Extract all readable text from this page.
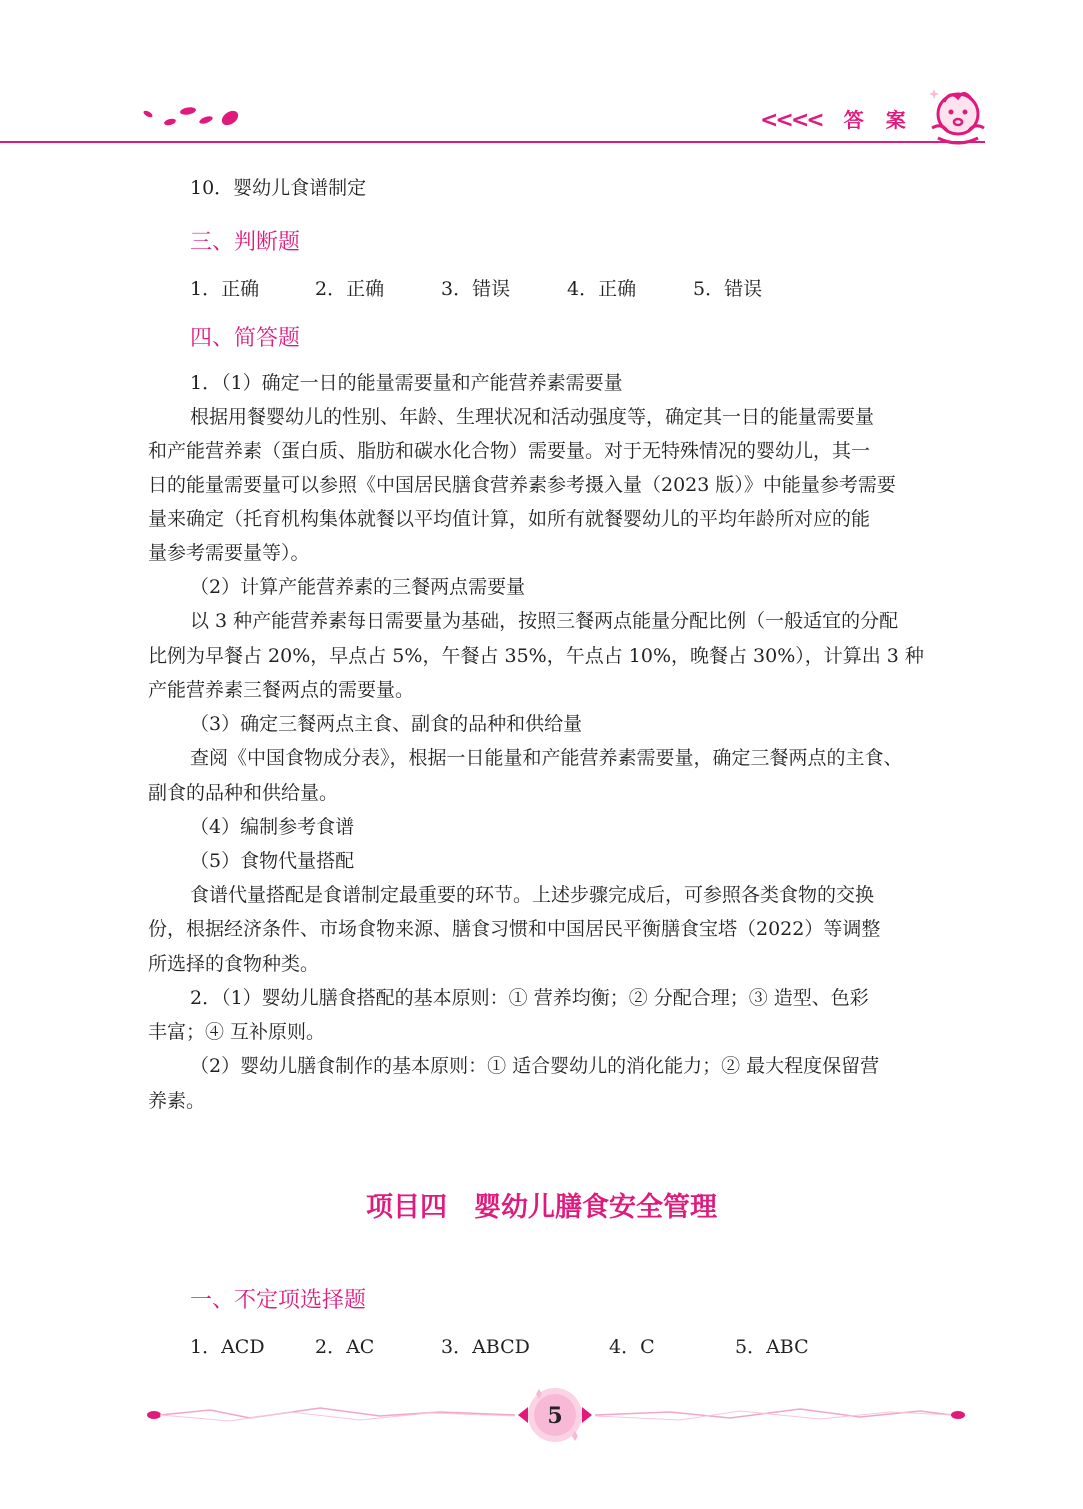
<<<< 答案
10．婴幼儿食谱制定
三、判断题
1．正确	2．正确	3．错误	4．正确	5．错误
四、简答题
1．（1）确定一日的能量需要量和产能营养素需要量
根据用餐婴幼儿的性别、年龄、生理状况和活动强度等，确定其一日的能量需要量
和产能营养素（蛋白质、脂肪和碳水化合物）需要量。对于无特殊情况的婴幼儿，其一
日的能量需要量可以参照《中国居民膳食营养素参考摄入量（2023 版）》中能量参考需要
量来确定（托育机构集体就餐以平均值计算，如所有就餐婴幼儿的平均年龄所对应的能
量参考需要量等）。
（2）计算产能营养素的三餐两点需要量
以 3 种产能营养素每日需要量为基础，按照三餐两点能量分配比例（一般适宜的分配
比例为早餐占 20%，早点占 5%，午餐占 35%，午点占 10%，晚餐占 30%），计算出 3 种
产能营养素三餐两点的需要量。
（3）确定三餐两点主食、副食的品种和供给量
查阅《中国食物成分表》，根据一日能量和产能营养素需要量，确定三餐两点的主食、
副食的品种和供给量。
（4）编制参考食谱
（5）食物代量搭配
食谱代量搭配是食谱制定最重要的环节。上述步骤完成后，可参照各类食物的交换
份，根据经济条件、市场食物来源、膳食习惯和中国居民平衡膳食宝塔（2022）等调整
所选择的食物种类。
2．（1）婴幼儿膳食搭配的基本原则：① 营养均衡；② 分配合理；③ 造型、色彩
丰富；④ 互补原则。
（2）婴幼儿膳食制作的基本原则：① 适合婴幼儿的消化能力；② 最大程度保留营
养素。
项目四　婴幼儿膳食安全管理
一、不定项选择题
1．ACD	2．AC	3．ABCD	4．C	5．ABC
5
